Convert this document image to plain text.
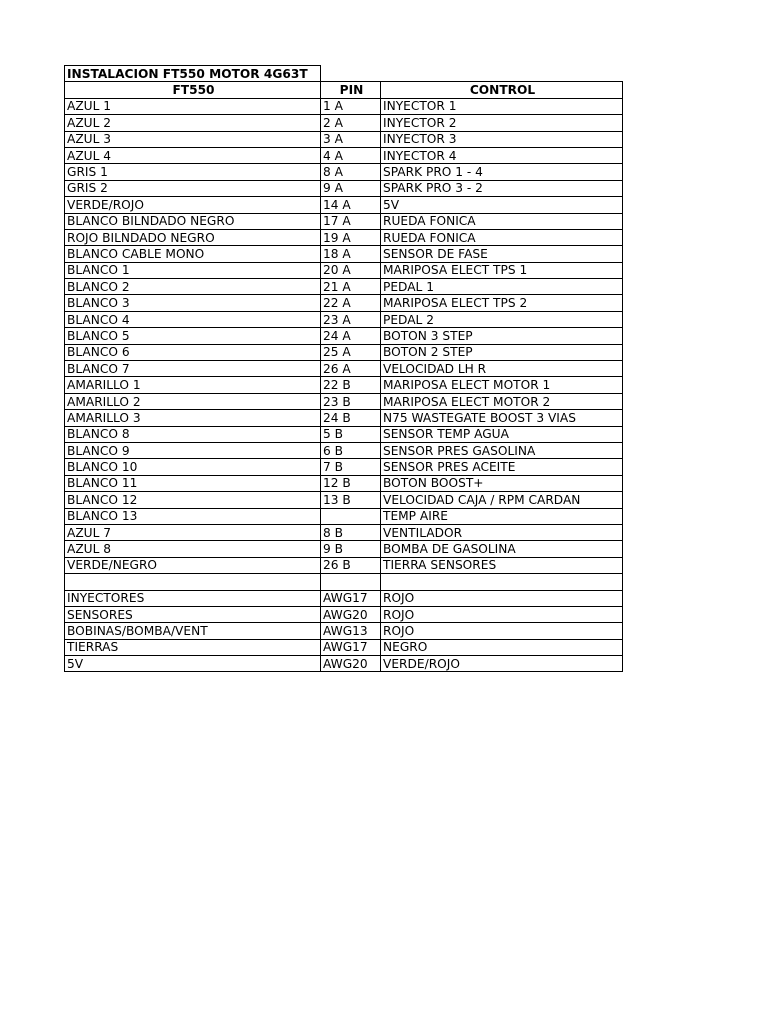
INSTALACION FT550 MOTOR 4G63T		
FT550	PIN	CONTROL
AZUL 1	1 A	INYECTOR 1
AZUL 2	2 A	INYECTOR 2
AZUL 3	3 A	INYECTOR 3
AZUL 4	4 A	INYECTOR 4
GRIS 1	8 A	SPARK PRO 1 - 4
GRIS 2	9 A	SPARK PRO 3 - 2
VERDE/ROJO	14 A	5V
BLANCO BILNDADO NEGRO	17 A	RUEDA FONICA
ROJO BILNDADO NEGRO	19 A	RUEDA FONICA
BLANCO CABLE MONO	18 A	SENSOR DE FASE
BLANCO 1	20 A	MARIPOSA ELECT TPS 1
BLANCO 2	21 A	PEDAL 1
BLANCO 3	22 A	MARIPOSA ELECT TPS 2
BLANCO 4	23 A	PEDAL 2
BLANCO 5	24 A	BOTON 3 STEP
BLANCO 6	25 A	BOTON 2 STEP
BLANCO 7	26 A	VELOCIDAD LH R
AMARILLO 1	22 B	MARIPOSA ELECT MOTOR 1
AMARILLO 2	23 B	MARIPOSA ELECT MOTOR 2
AMARILLO 3	24 B	N75 WASTEGATE BOOST 3 VIAS
BLANCO 8	5 B	SENSOR TEMP AGUA
BLANCO 9	6 B	SENSOR PRES GASOLINA
BLANCO 10	7 B	SENSOR PRES ACEITE
BLANCO 11	12 B	BOTON BOOST+
BLANCO 12	13 B	VELOCIDAD CAJA / RPM CARDAN
BLANCO 13		TEMP AIRE
AZUL 7	8 B	VENTILADOR
AZUL 8	9 B	BOMBA DE GASOLINA
VERDE/NEGRO	26 B	TIERRA SENSORES

INYECTORES	AWG17	ROJO
SENSORES	AWG20	ROJO
BOBINAS/BOMBA/VENT	AWG13	ROJO
TIERRAS	AWG17	NEGRO
5V	AWG20	VERDE/ROJO
